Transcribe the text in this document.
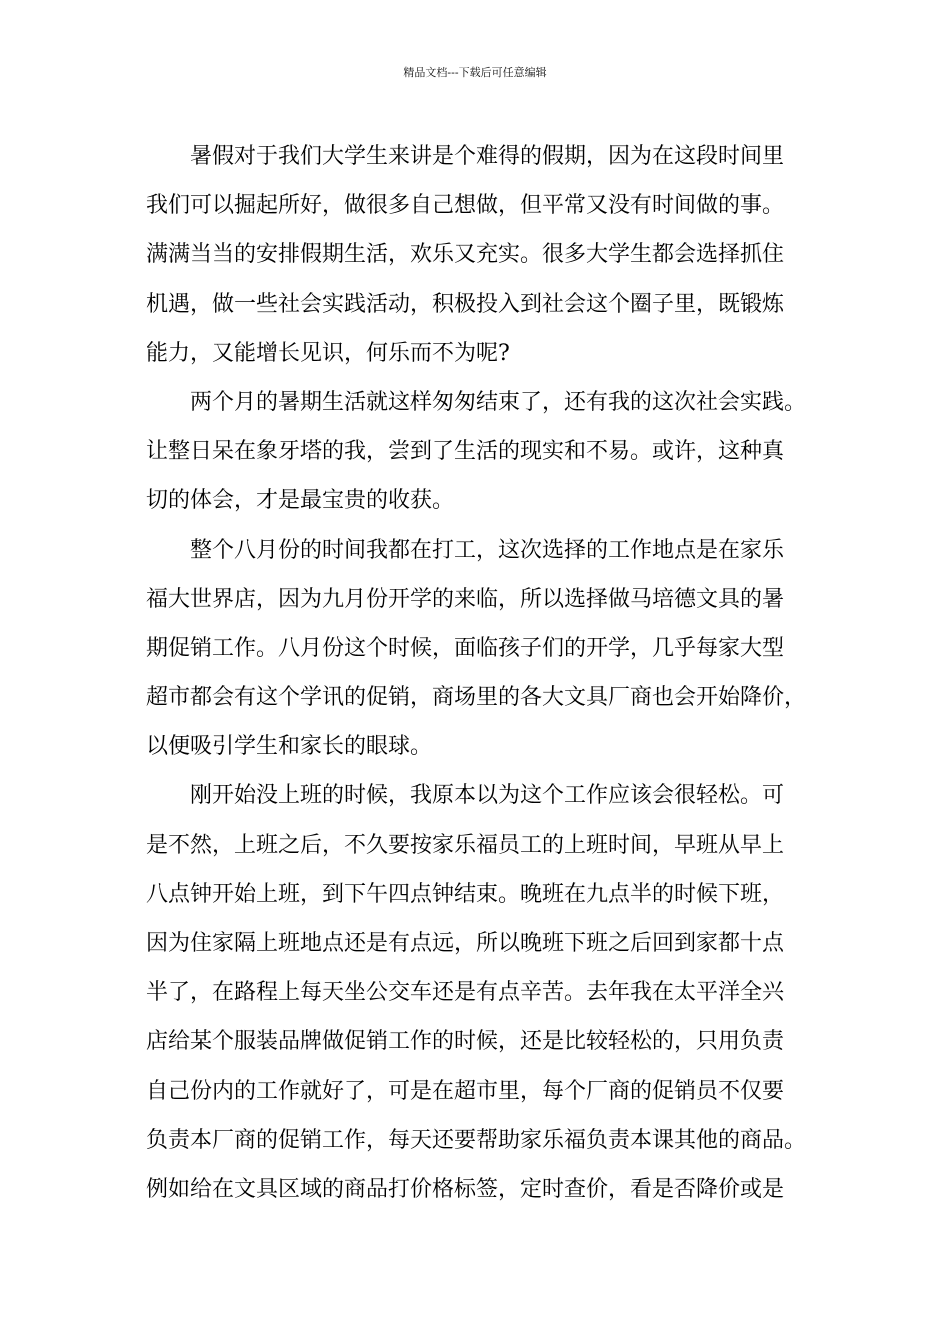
精品文档---下载后可任意编辑
暑假对于我们大学生来讲是个难得的假期，因为在这段时间里
我们可以掘起所好，做很多自己想做，但平常又没有时间做的事。
满满当当的安排假期生活，欢乐又充实。很多大学生都会选择抓住
机遇，做一些社会实践活动，积极投入到社会这个圈子里，既锻炼
能力，又能增长见识，何乐而不为呢?
两个月的暑期生活就这样匆匆结束了，还有我的这次社会实践。
让整日呆在象牙塔的我，尝到了生活的现实和不易。或许，这种真
切的体会，才是最宝贵的收获。
整个八月份的时间我都在打工，这次选择的工作地点是在家乐
福大世界店，因为九月份开学的来临，所以选择做马培德文具的暑
期促销工作。八月份这个时候，面临孩子们的开学，几乎每家大型
超市都会有这个学讯的促销，商场里的各大文具厂商也会开始降价，
以便吸引学生和家长的眼球。
刚开始没上班的时候，我原本以为这个工作应该会很轻松。可
是不然，上班之后，不久要按家乐福员工的上班时间，早班从早上
八点钟开始上班，到下午四点钟结束。晚班在九点半的时候下班，
因为住家隔上班地点还是有点远，所以晚班下班之后回到家都十点
半了，在路程上每天坐公交车还是有点辛苦。去年我在太平洋全兴
店给某个服装品牌做促销工作的时候，还是比较轻松的，只用负责
自己份内的工作就好了，可是在超市里，每个厂商的促销员不仅要
负责本厂商的促销工作，每天还要帮助家乐福负责本课其他的商品。
例如给在文具区域的商品打价格标签，定时查价，看是否降价或是
